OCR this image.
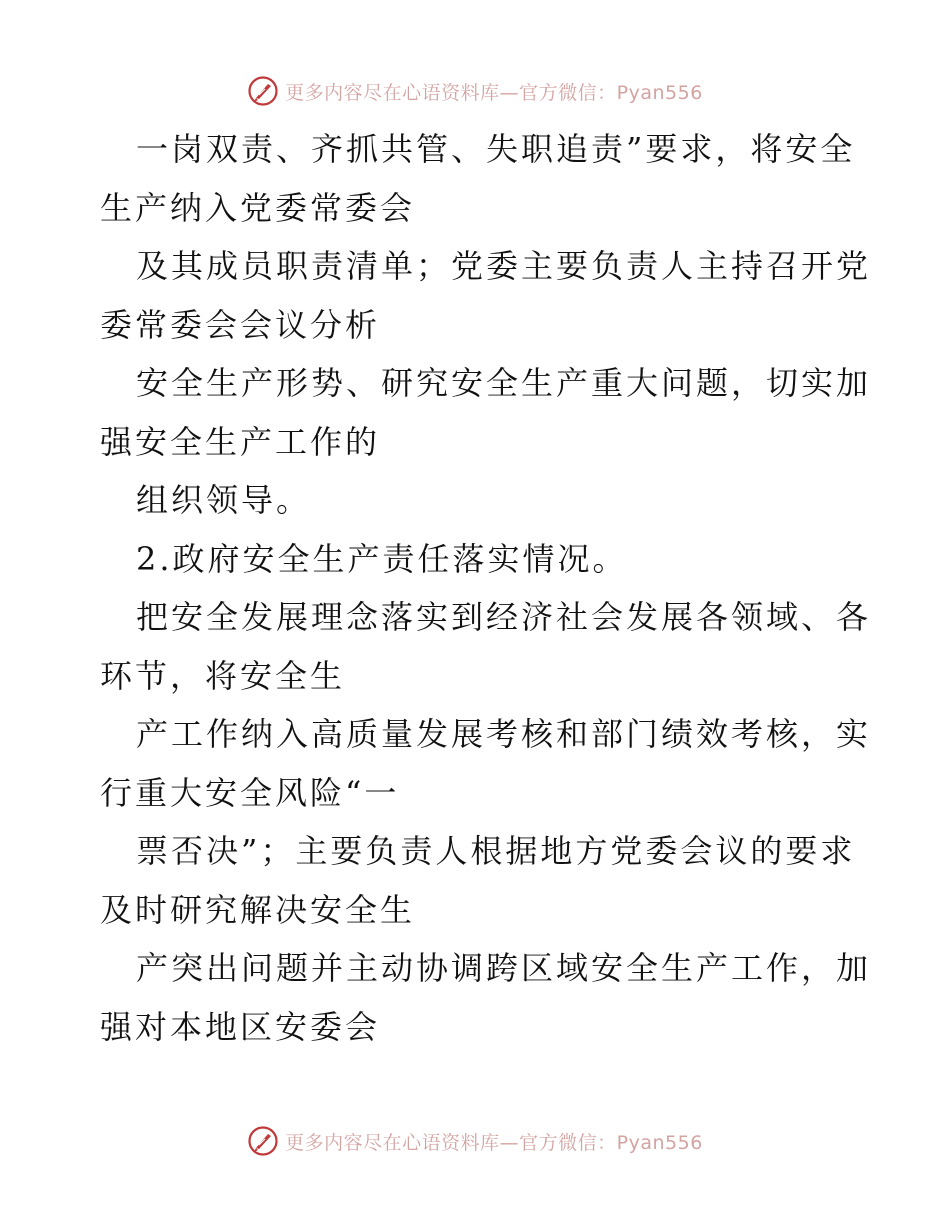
更多内容尽在心语资料库—官方微信：Pyan556
一岗双责、齐抓共管、失职追责”要求，将安全
生产纳入党委常委会
及其成员职责清单；党委主要负责人主持召开党
委常委会会议分析
安全生产形势、研究安全生产重大问题，切实加
强安全生产工作的
组织领导。
2.政府安全生产责任落实情况。
把安全发展理念落实到经济社会发展各领域、各
环节，将安全生
产工作纳入高质量发展考核和部门绩效考核，实
行重大安全风险“一
票否决”；主要负责人根据地方党委会议的要求
及时研究解决安全生
产突出问题并主动协调跨区域安全生产工作，加
强对本地区安委会
更多内容尽在心语资料库—官方微信：Pyan556
